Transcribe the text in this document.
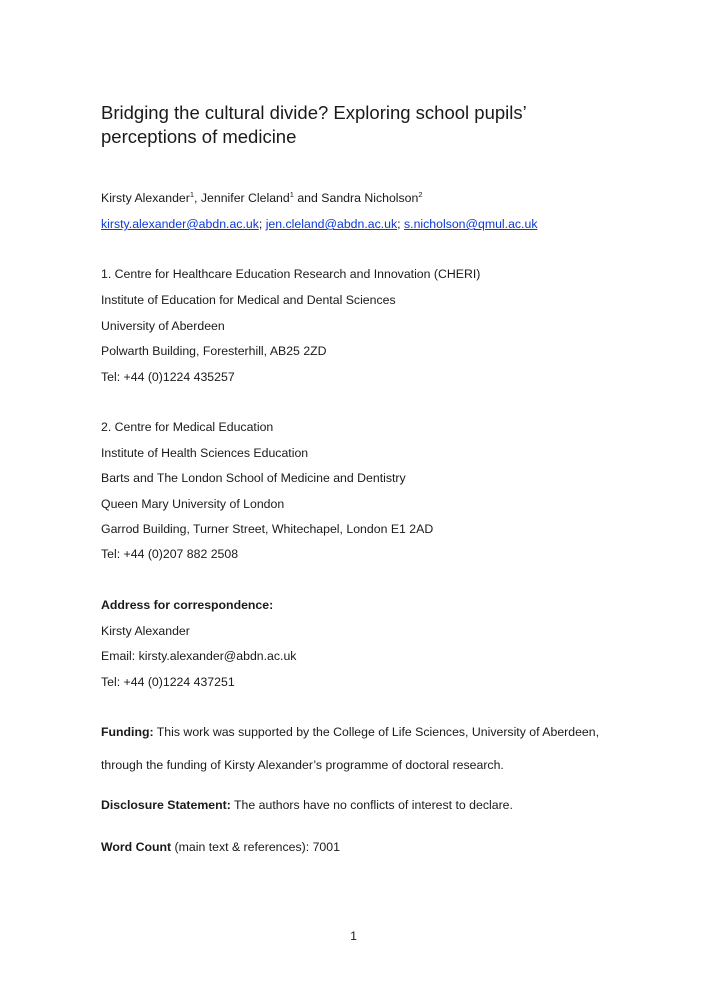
Bridging the cultural divide? Exploring school pupils’ perceptions of medicine
Kirsty Alexander$^1$, Jennifer Cleland$^1$ and Sandra Nicholson$^2$
kirsty.alexander@abdn.ac.uk; jen.cleland@abdn.ac.uk; s.nicholson@qmul.ac.uk
1. Centre for Healthcare Education Research and Innovation (CHERI)
Institute of Education for Medical and Dental Sciences
University of Aberdeen
Polwarth Building, Foresterhill, AB25 2ZD
Tel: +44 (0)1224 435257
2. Centre for Medical Education
Institute of Health Sciences Education
Barts and The London School of Medicine and Dentistry
Queen Mary University of London
Garrod Building, Turner Street, Whitechapel, London E1 2AD
Tel: +44 (0)207 882 2508
Address for correspondence:
Kirsty Alexander
Email: kirsty.alexander@abdn.ac.uk
Tel: +44 (0)1224 437251
Funding: This work was supported by the College of Life Sciences, University of Aberdeen,
through the funding of Kirsty Alexander’s programme of doctoral research.
Disclosure Statement: The authors have no conflicts of interest to declare.
Word Count (main text & references): 7001
1
